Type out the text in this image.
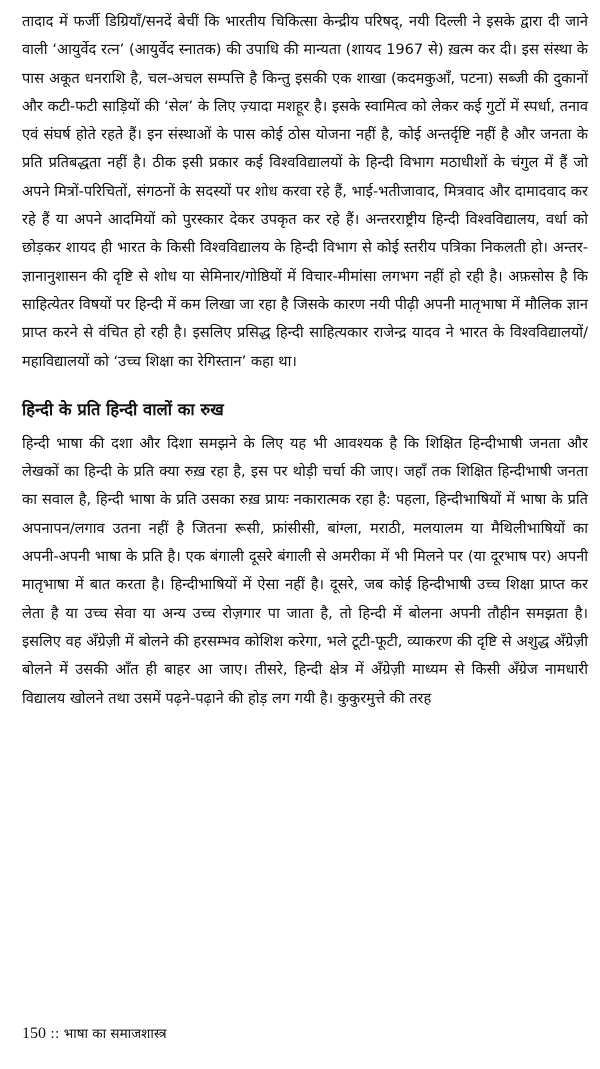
तादाद में फर्जी डिग्रियाँ/सनदें बेचीं कि भारतीय चिकित्सा केन्द्रीय परिषद्, नयी दिल्ली ने इसके द्वारा दी जाने वाली ‘आयुर्वेद रत्न’ (आयुर्वेद स्नातक) की उपाधि की मान्यता (शायद 1967 से) ख़त्म कर दी। इस संस्था के पास अकूत धनराशि है, चल-अचल सम्पत्ति है किन्तु इसकी एक शाखा (कदमकुआँ, पटना) सब्जी की दुकानों और कटी-फटी साड़ियों की ‘सेल’ के लिए ज़्यादा मशहूर है। इसके स्वामित्व को लेकर कई गुटों में स्पर्धा, तनाव एवं संघर्ष होते रहते हैं। इन संस्थाओं के पास कोई ठोस योजना नहीं है, कोई अन्तर्दृष्टि नहीं है और जनता के प्रति प्रतिबद्धता नहीं है। ठीक इसी प्रकार कई विश्वविद्यालयों के हिन्दी विभाग मठाधीशों के चंगुल में हैं जो अपने मित्रों-परिचितों, संगठनों के सदस्यों पर शोध करवा रहे हैं, भाई-भतीजावाद, मित्रवाद और दामादवाद कर रहे हैं या अपने आदमियों को पुरस्कार देकर उपकृत कर रहे हैं। अन्तरराष्ट्रीय हिन्दी विश्वविद्यालय, वर्धा को छोड़कर शायद ही भारत के किसी विश्वविद्यालय के हिन्दी विभाग से कोई स्तरीय पत्रिका निकलती हो। अन्तर-ज्ञानानुशासन की दृष्टि से शोध या सेमिनार/गोष्ठियों में विचार-मीमांसा लगभग नहीं हो रही है। अफ़सोस है कि साहित्येतर विषयों पर हिन्दी में कम लिखा जा रहा है जिसके कारण नयी पीढ़ी अपनी मातृभाषा में मौलिक ज्ञान प्राप्त करने से वंचित हो रही है। इसलिए प्रसिद्ध हिन्दी साहित्यकार राजेन्द्र यादव ने भारत के विश्वविद्यालयों/महाविद्यालयों को ‘उच्च शिक्षा का रेगिस्तान’ कहा था।

हिन्दी के प्रति हिन्दी वालों का रुख

हिन्दी भाषा की दशा और दिशा समझने के लिए यह भी आवश्यक है कि शिक्षित हिन्दीभाषी जनता और लेखकों का हिन्दी के प्रति क्या रुख़ रहा है, इस पर थोड़ी चर्चा की जाए। जहाँ तक शिक्षित हिन्दीभाषी जनता का सवाल है, हिन्दी भाषा के प्रति उसका रुख़ प्रायः नकारात्मक रहा है: पहला, हिन्दीभाषियों में भाषा के प्रति अपनापन/लगाव उतना नहीं है जितना रूसी, फ्रांसीसी, बांग्ला, मराठी, मलयालम या मैथिलीभाषियों का अपनी-अपनी भाषा के प्रति है। एक बंगाली दूसरे बंगाली से अमरीका में भी मिलने पर (या दूरभाष पर) अपनी मातृभाषा में बात करता है। हिन्दीभाषियों में ऐसा नहीं है। दूसरे, जब कोई हिन्दीभाषी उच्च शिक्षा प्राप्त कर लेता है या उच्च सेवा या अन्य उच्च रोज़गार पा जाता है, तो हिन्दी में बोलना अपनी तौहीन समझता है। इसलिए वह अँग्रेज़ी में बोलने की हरसम्भव कोशिश करेगा, भले टूटी-फूटी, व्याकरण की दृष्टि से अशुद्ध अँग्रेज़ी बोलने में उसकी आँत ही बाहर आ जाए। तीसरे, हिन्दी क्षेत्र में अँग्रेज़ी माध्यम से किसी अँग्रेज नामधारी विद्यालय खोलने तथा उसमें पढ़ने-पढ़ाने की होड़ लग गयी है। कुकुरमुत्ते की तरह

150 :: भाषा का समाजशास्त्र
